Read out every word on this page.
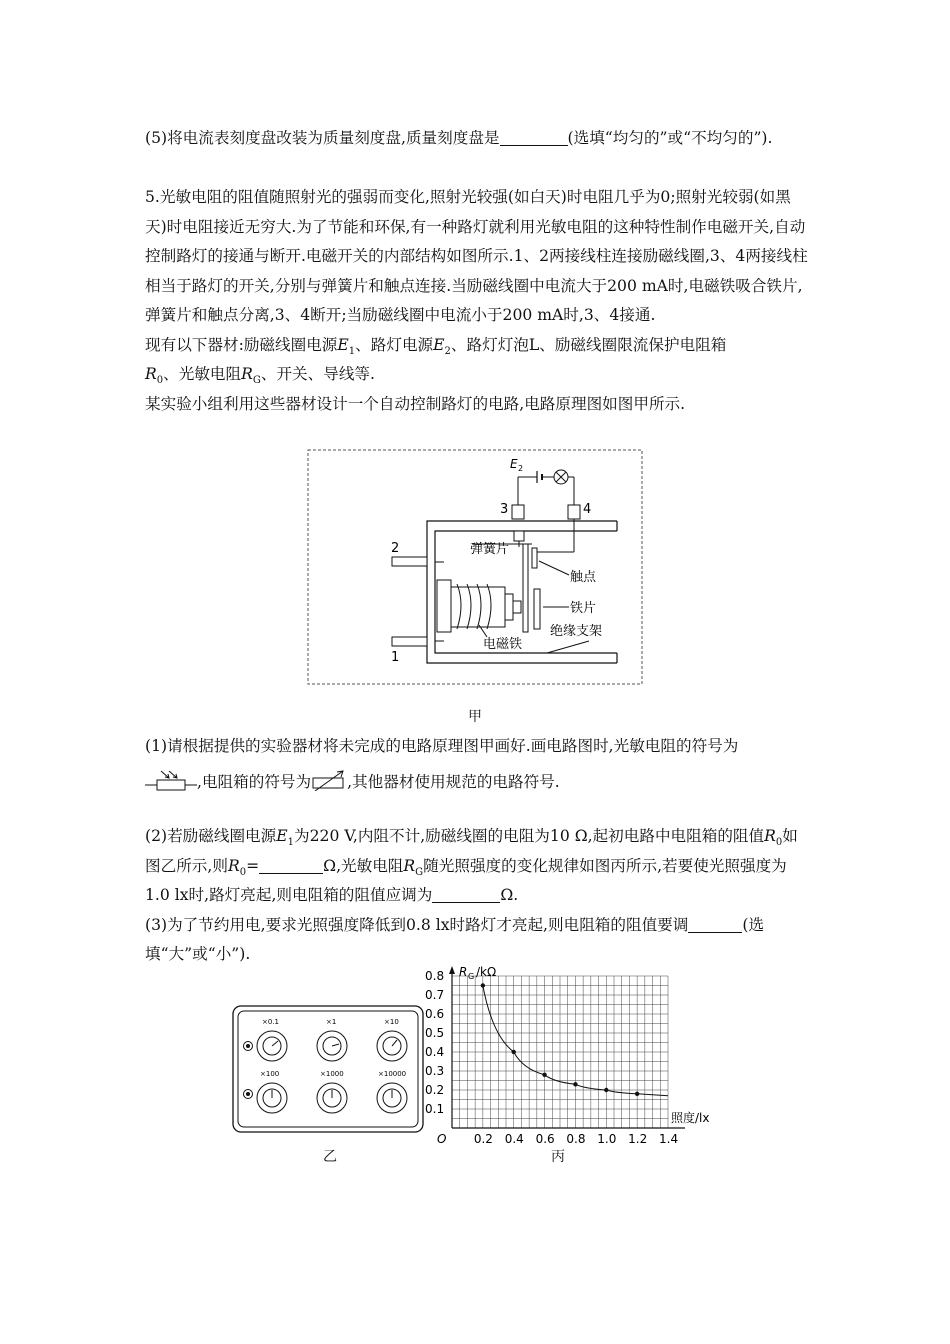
(5)将电流表刻度盘改装为质量刻度盘,质量刻度盘是	(选填“均匀的”或“不均匀的”).

5.光敏电阻的阻值随照射光的强弱而变化,照射光较强(如白天)时电阻几乎为0;照射光较弱(如黑天)时电阻接近无穷大.为了节能和环保,有一种路灯就利用光敏电阻的这种特性制作电磁开关,自动控制路灯的接通与断开.电磁开关的内部结构如图所示.1、2两接线柱连接励磁线圈,3、4两接线柱相当于路灯的开关,分别与弹簧片和触点连接.当励磁线圈中电流大于200 mA时,电磁铁吸合铁片,弹簧片和触点分离,3、4断开;当励磁线圈中电流小于200 mA时,3、4接通.

现有以下器材:励磁线圈电源$E_1$、路灯电源$E_2$、路灯灯泡L、励磁线圈限流保护电阻箱
$R_0$、光敏电阻$R_G$、开关、导线等.

某实验小组利用这些器材设计一个自动控制路灯的电路,电路原理图如图甲所示.

E 2
3	4
弹簧片
触点
铁片
绝缘支架
电磁铁
2
1
甲

(1)请根据提供的实验器材将未完成的电路原理图甲画好.画电路图时,光敏电阻的符号为

,电阻箱的符号为 ,其他器材使用规范的电路符号.

(2)若励磁线圈电源$E_1$为220 V,内阻不计,励磁线圈的电阻为10 Ω,起初电路中电阻箱的阻值$R_0$如图乙所示,则$R_0=$	Ω,光敏电阻$R_G$随光照强度的变化规律如图丙所示,若要使光照强度为1.0 lx时,路灯亮起,则电阻箱的阻值应调为	Ω.

(3)为了节约用电,要求光照强度降低到0.8 lx时路灯才亮起,则电阻箱的阻值要调	(选填“大”或“小”).

×0.1	×1	×10
×100	×1000	×10000
乙
0.2 0.4 0.6 0.8 1.0 1.2 1.4
0.1
0.2
0.3
0.4
0.5
0.6
0.7
0.8 R G /kΩ
照度/lx
O
丙
